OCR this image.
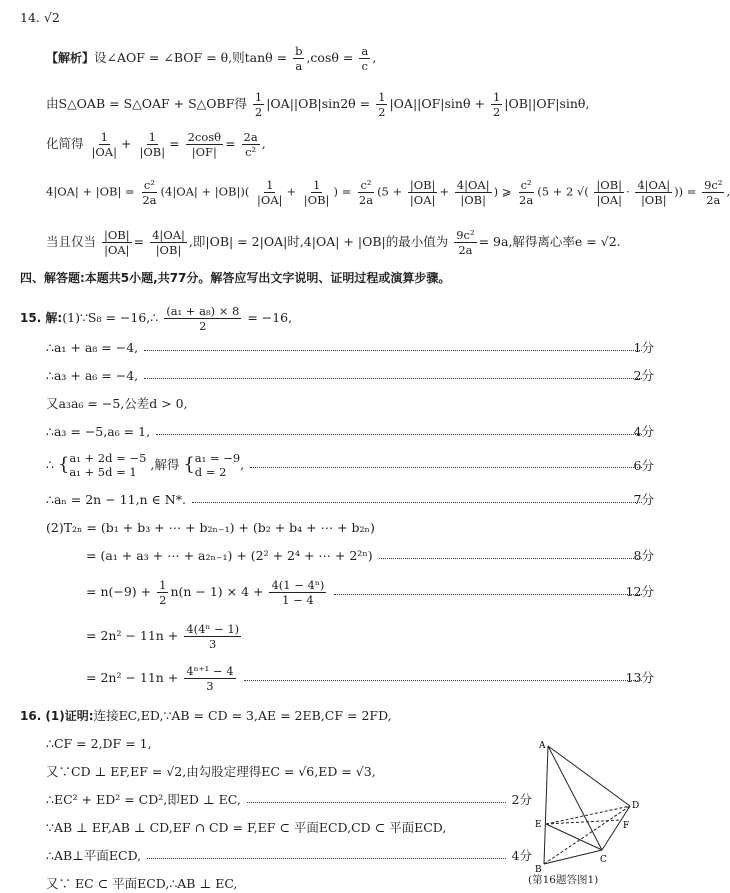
14. √2
【解析】设∠AOF = ∠BOF = θ,则$\tan\theta = \frac{b}{a} ,\cos\theta = \frac{a}{c}$ ,
由S△OAB = S△OAF + S△OBF得 $\frac{1}{2} |OA||OB|\sin 2\theta = \frac{1}{2} |OA||OF|\sin\theta + \frac{1}{2} |OB||OF|\sin\theta$,
化简得 $\frac{1}{|OA|} + \frac{1}{|OB|} = \frac{2\cos\theta}{|OF|} = \frac{2a}{\text{c²}}$ ,
$4|OA| + |OB| = \frac{\text{c²}}{2a} (4|OA| + |OB|)( \frac{1}{|OA|} + \frac{1}{|OB|}$ ) = $\frac{\text{c²}}{2a} (5 + \frac{|OB|}{|OA|} + \frac{4|OA|}{|OB|}$ ) ⩾ $\frac{\text{c²}}{2a} (5 + 2$ √( $\frac{|OB|}{|OA|} \cdot \frac{4|OA|}{|OB|}$ )) = $\frac{\text{9c²}}{2a}$ ,
当且仅当 $\frac{|OB|}{|OA|} = \frac{4|OA|}{|OB|}$ ,即|OB| = 2|OA|时,4|OA| + |OB|的最小值为 $\frac{\text{9c²}}{2a} = 9a$,解得离心率e = √2.
四、解答题:本题共5小题,共77分。解答应写出文字说明、证明过程或演算步骤。
15. 解:(1)∵S₈ = −16,∴ $\frac{\text{(a₁ + a₈) × 8}}{2} = -16$,
∴a₁ + a₈ = −4,	1分
∴a₃ + a₆ = −4,	2分
又a₃a₆ = −5,公差d > 0,
∴a₃ = −5,a₆ = 1,	4分
∴ { a₁ + 2d = −5
a₁ + 5d = 1	,解得 { a₁ = −9
d = 2	,	6分
∴aₙ = 2n − 11,n ∈ N*.	7分
(2)T₂ₙ = (b₁ + b₃ + ⋯ + b₂ₙ₋₁) + (b₂ + b₄ + ⋯ + b₂ₙ)
= (a₁ + a₃ + ⋯ + a₂ₙ₋₁) + (2² + 2⁴ + ⋯ + 2²ⁿ)	8分
= $n(-9) + \frac{1}{2} n(n - 1) \times 4 + \frac{\text{4(1 − 4ⁿ)}}{1 - 4}$	12分
= $2n^2 - 11n + \frac{\text{4(4ⁿ − 1)}}{3}$
= $2n^2 - 11n + \frac{\text{4ⁿ⁺¹ − 4}}{3}$	13分
16. (1)证明:连接EC,ED,∵AB = CD = 3,AE = 2EB,CF = 2FD,
∴CF = 2,DF = 1,
又∵CD ⊥ EF,EF = √2,由勾股定理得EC = √6,ED = √3,
∴EC² + ED² = CD²,即ED ⊥ EC,	2分
∵AB ⊥ EF,AB ⊥ CD,EF ∩ CD = F,EF ⊂ 平面ECD,CD ⊂ 平面ECD,
∴AB⊥平面ECD,	4分
又∵ EC ⊂ 平面ECD,∴AB ⊥ EC,
A
B
C
D
E	F
(第16题答图1)
